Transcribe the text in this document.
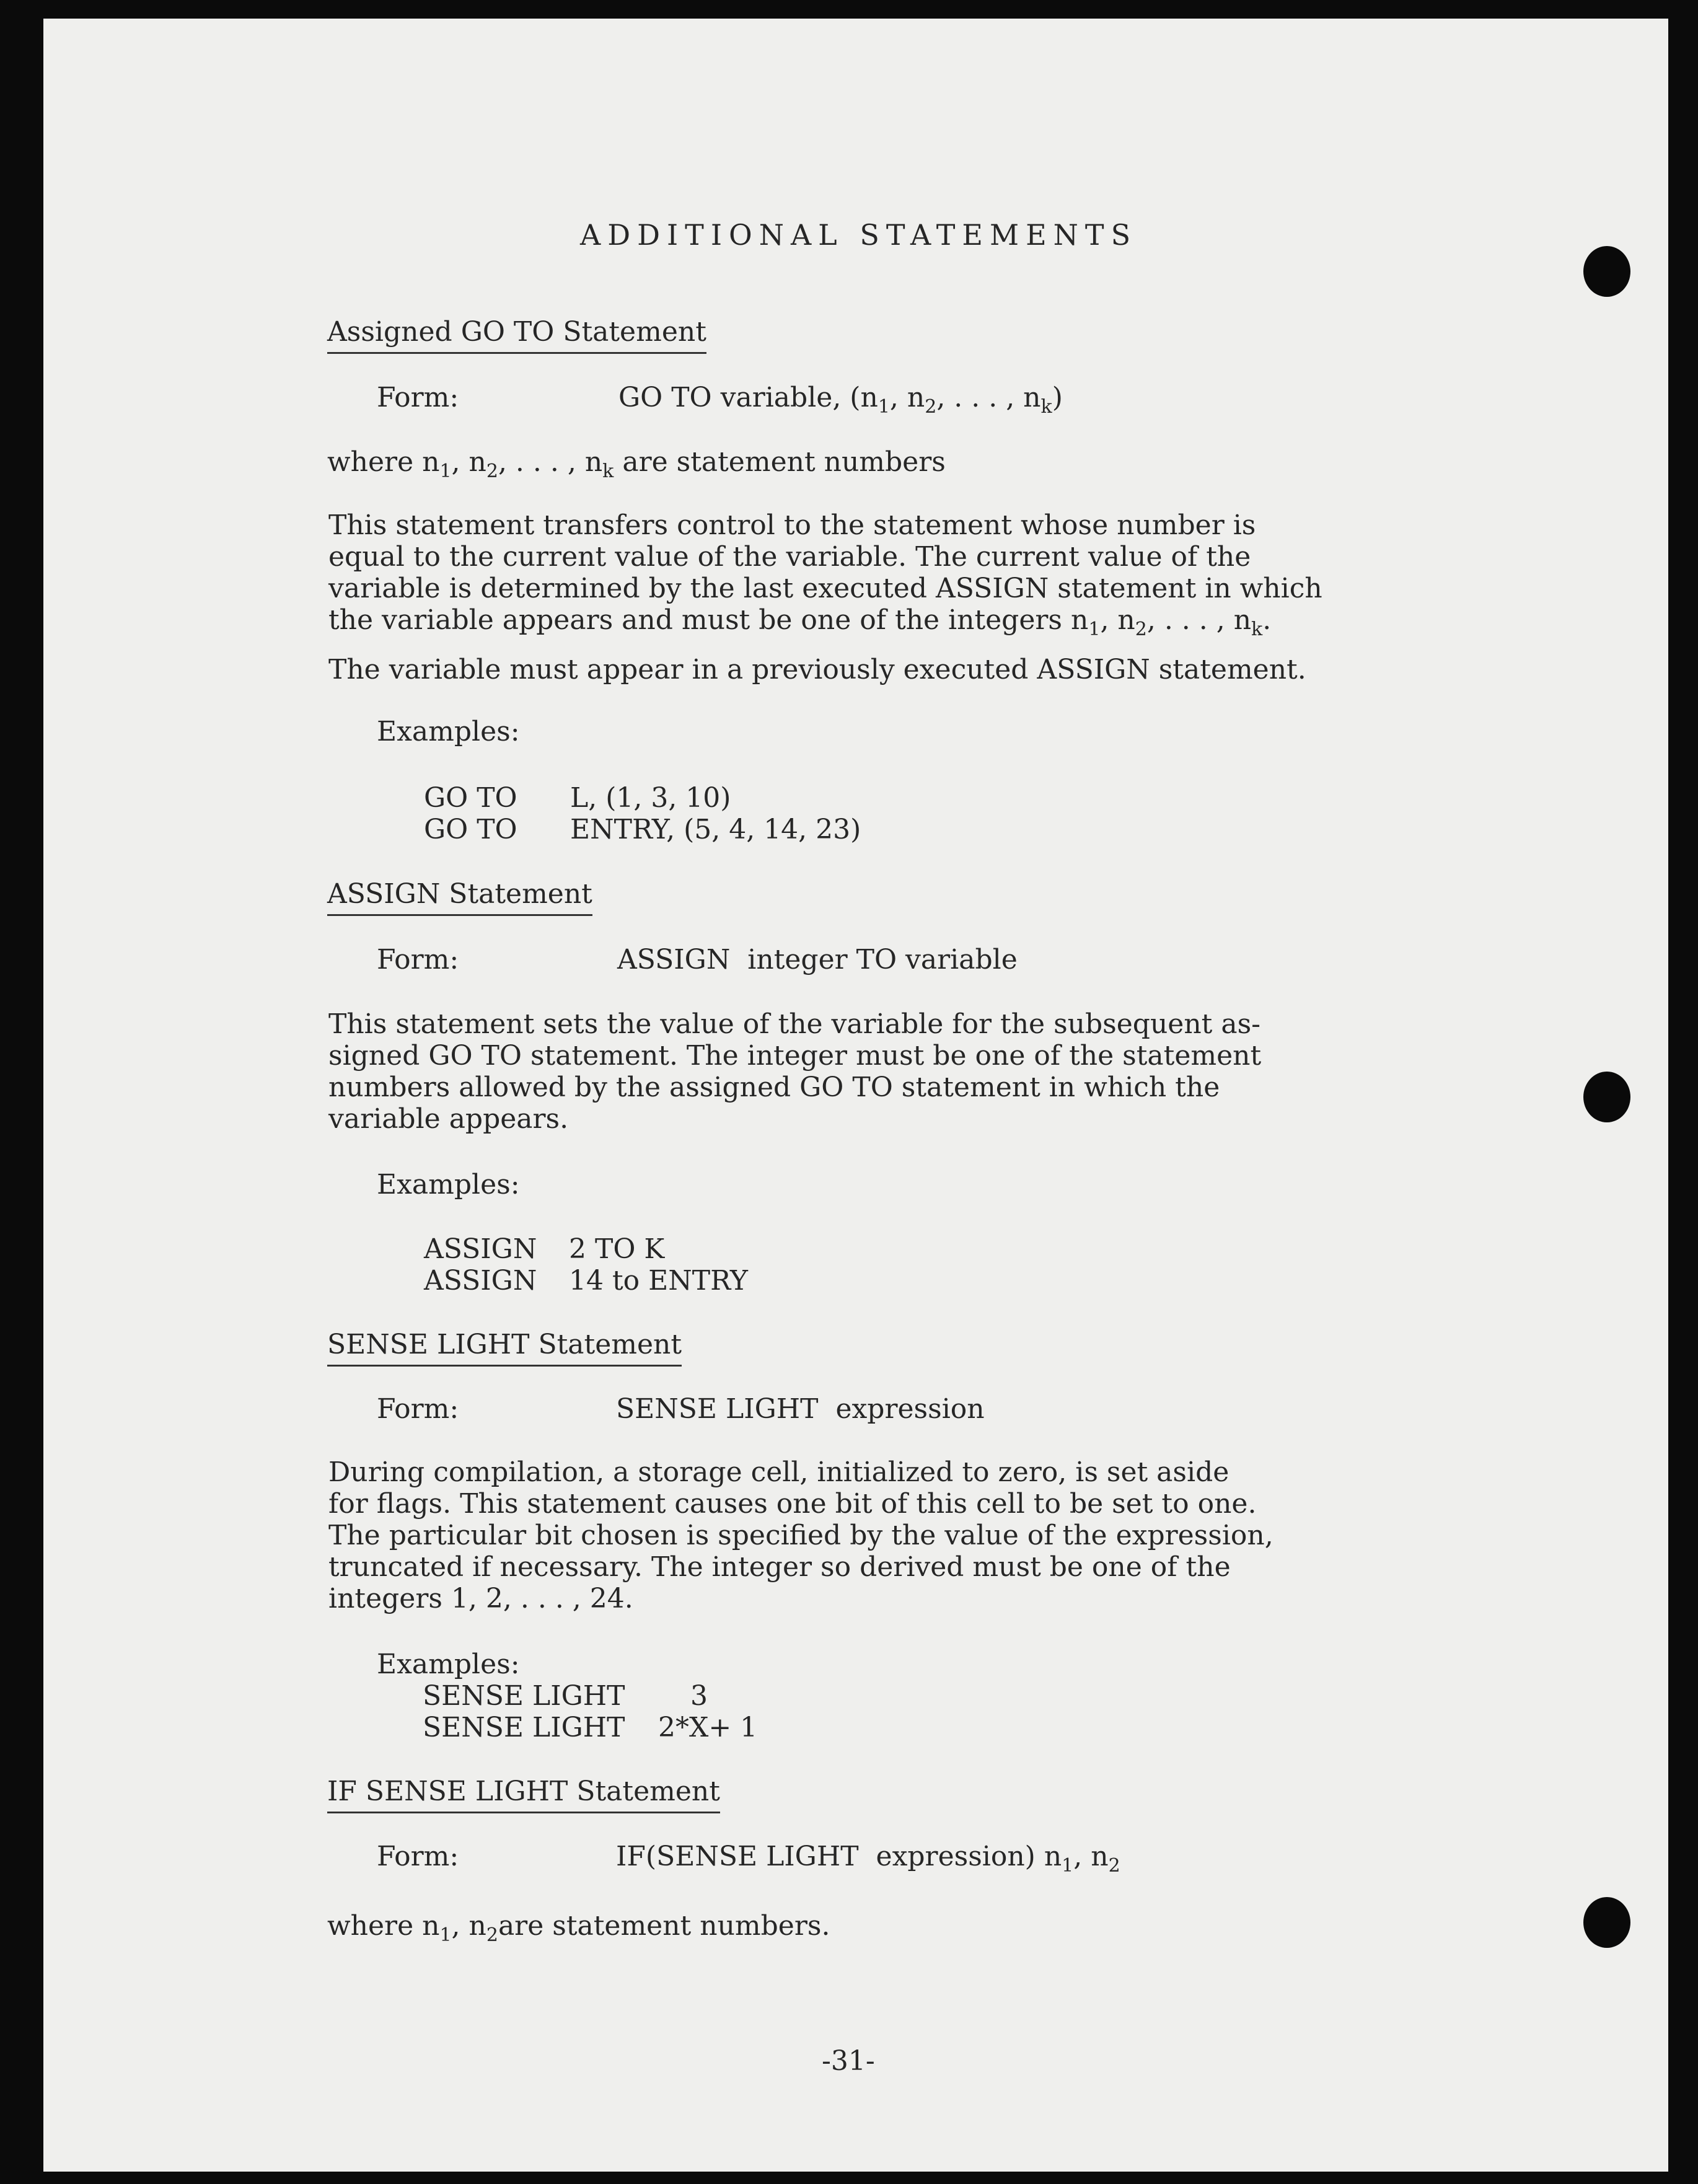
ADDITIONAL STATEMENTS
Assigned GO TO Statement
Form:	GO TO variable, ($n_1$, $n_2$, . . . , $n_k$)
where $n_1$, $n_2$, . . . , $n_k$ are statement numbers
This statement transfers control to the statement whose number is
equal to the current value of the variable. The current value of the
variable is determined by the last executed ASSIGN statement in which
the variable appears and must be one of the integers $n_1$, $n_2$, . . . , $n_k$.
The variable must appear in a previously executed ASSIGN statement.
Examples:
GO TO L, (1, 3, 10)
GO TO ENTRY, (5, 4, 14, 23)
ASSIGN Statement
Form:	ASSIGN  integer TO variable
This statement sets the value of the variable for the subsequent as-
signed GO TO statement. The integer must be one of the statement
numbers allowed by the assigned GO TO statement in which the
variable appears.
Examples:
ASSIGN 2 TO K
ASSIGN 14 to ENTRY
SENSE LIGHT Statement
Form:	SENSE LIGHT  expression
During compilation, a storage cell, initialized to zero, is set aside
for flags. This statement causes one bit of this cell to be set to one.
The particular bit chosen is specified by the value of the expression,
truncated if necessary. The integer so derived must be one of the
integers 1, 2, . . . , 24.
Examples:
SENSE LIGHT 3
SENSE LIGHT 2*X+ 1
IF SENSE LIGHT Statement
Form:	IF(SENSE LIGHT  expression) $n_1$, $n_2$
where $n_1$, $n_2are$ statement numbers.
-31-
